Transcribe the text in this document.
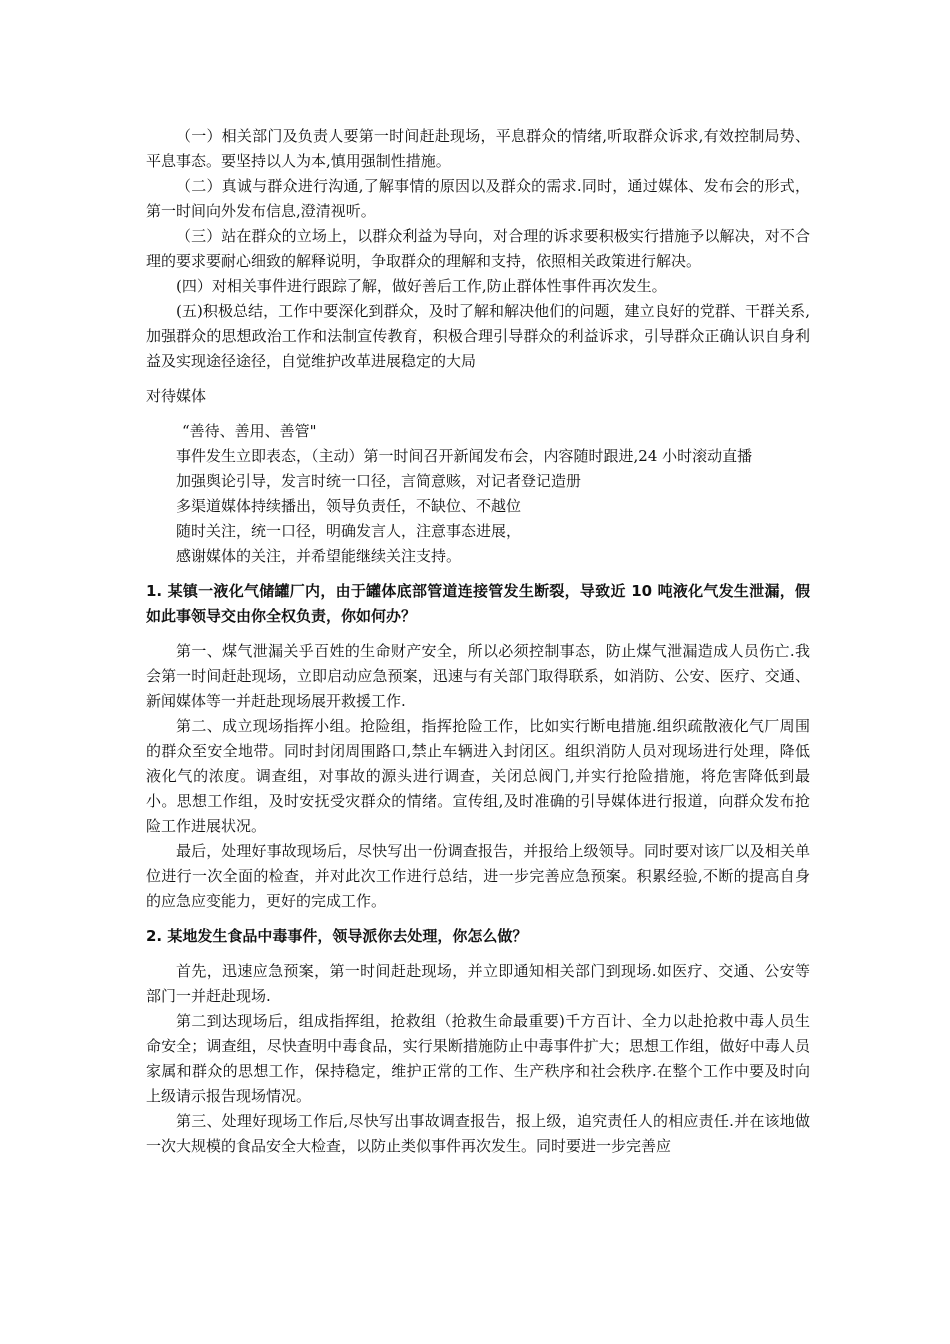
（一）相关部门及负责人要第一时间赶赴现场，平息群众的情绪,听取群众诉求,有效控制局势、平息事态。要坚持以人为本,慎用强制性措施。

（二）真诚与群众进行沟通,了解事情的原因以及群众的需求.同时，通过媒体、发布会的形式，第一时间向外发布信息,澄清视听。

（三）站在群众的立场上，以群众利益为导向，对合理的诉求要积极实行措施予以解决，对不合理的要求要耐心细致的解释说明，争取群众的理解和支持，依照相关政策进行解决。

(四）对相关事件进行跟踪了解，做好善后工作,防止群体性事件再次发生。

(五)积极总结，工作中要深化到群众，及时了解和解决他们的问题，建立良好的党群、干群关系,加强群众的思想政治工作和法制宣传教育，积极合理引导群众的利益诉求，引导群众正确认识自身利益及实现途径途径，自觉维护改革进展稳定的大局

对待媒体

“善待、善用、善管"

事件发生立即表态，（主动）第一时间召开新闻发布会，内容随时跟进,24 小时滚动直播

加强舆论引导，发言时统一口径，言简意赅，对记者登记造册

多渠道媒体持续播出，领导负责任，不缺位、不越位

随时关注，统一口径，明确发言人，注意事态进展，

感谢媒体的关注，并希望能继续关注支持。

1. 某镇一液化气储罐厂内，由于罐体底部管道连接管发生断裂，导致近 10 吨液化气发生泄漏，假如此事领导交由你全权负责，你如何办？

第一、煤气泄漏关乎百姓的生命财产安全，所以必须控制事态，防止煤气泄漏造成人员伤亡.我会第一时间赶赴现场，立即启动应急预案，迅速与有关部门取得联系，如消防、公安、医疗、交通、新闻媒体等一并赶赴现场展开救援工作.

第二、成立现场指挥小组。抢险组，指挥抢险工作，比如实行断电措施.组织疏散液化气厂周围的群众至安全地带。同时封闭周围路口,禁止车辆进入封闭区。组织消防人员对现场进行处理，降低液化气的浓度。调查组，对事故的源头进行调查，关闭总阀门,并实行抢险措施，将危害降低到最小。思想工作组，及时安抚受灾群众的情绪。宣传组,及时准确的引导媒体进行报道，向群众发布抢险工作进展状况。

最后，处理好事故现场后，尽快写出一份调查报告，并报给上级领导。同时要对该厂以及相关单位进行一次全面的检查，并对此次工作进行总结，进一步完善应急预案。积累经验,不断的提高自身的应急应变能力，更好的完成工作。

2. 某地发生食品中毒事件，领导派你去处理，你怎么做？

首先，迅速应急预案，第一时间赶赴现场，并立即通知相关部门到现场.如医疗、交通、公安等部门一并赶赴现场.

第二到达现场后，组成指挥组，抢救组（抢救生命最重要)千方百计、全力以赴抢救中毒人员生命安全；调查组，尽快查明中毒食品，实行果断措施防止中毒事件扩大；思想工作组，做好中毒人员家属和群众的思想工作，保持稳定，维护正常的工作、生产秩序和社会秩序.在整个工作中要及时向上级请示报告现场情况。

第三、处理好现场工作后,尽快写出事故调查报告，报上级，追究责任人的相应责任.并在该地做一次大规模的食品安全大检查，以防止类似事件再次发生。同时要进一步完善应
